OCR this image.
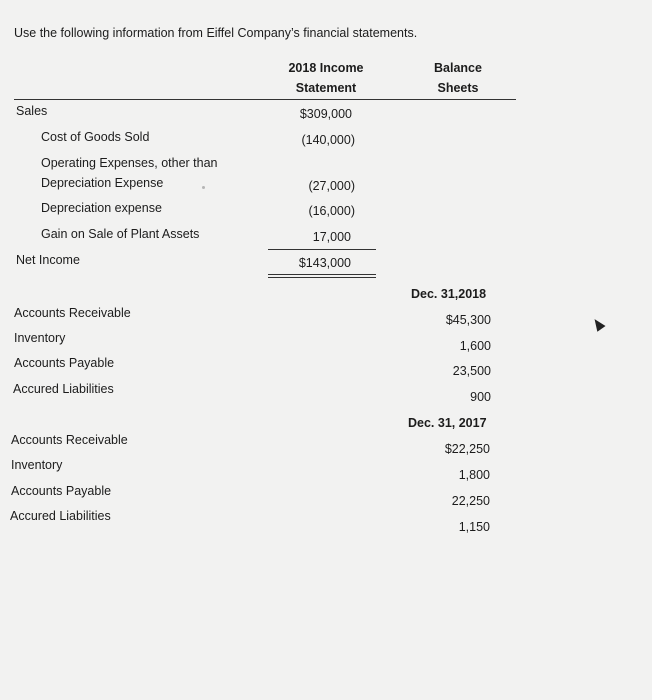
Use the following information from Eiffel Company’s financial statements.
2018 Income
Statement
Balance
Sheets
Sales
Cost of Goods Sold
Operating Expenses, other than
Depreciation Expense
Depreciation expense
Gain on Sale of Plant Assets
Net Income
$309,000
(140,000)
(27,000)
(16,000)
17,000
$143,000
Dec. 31,2018
Accounts Receivable
Inventory
Accounts Payable
Accured Liabilities
$45,300
1,600
23,500
900
Dec. 31, 2017
Accounts Receivable
Inventory
Accounts Payable
Accured Liabilities
$22,250
1,800
22,250
1,150
